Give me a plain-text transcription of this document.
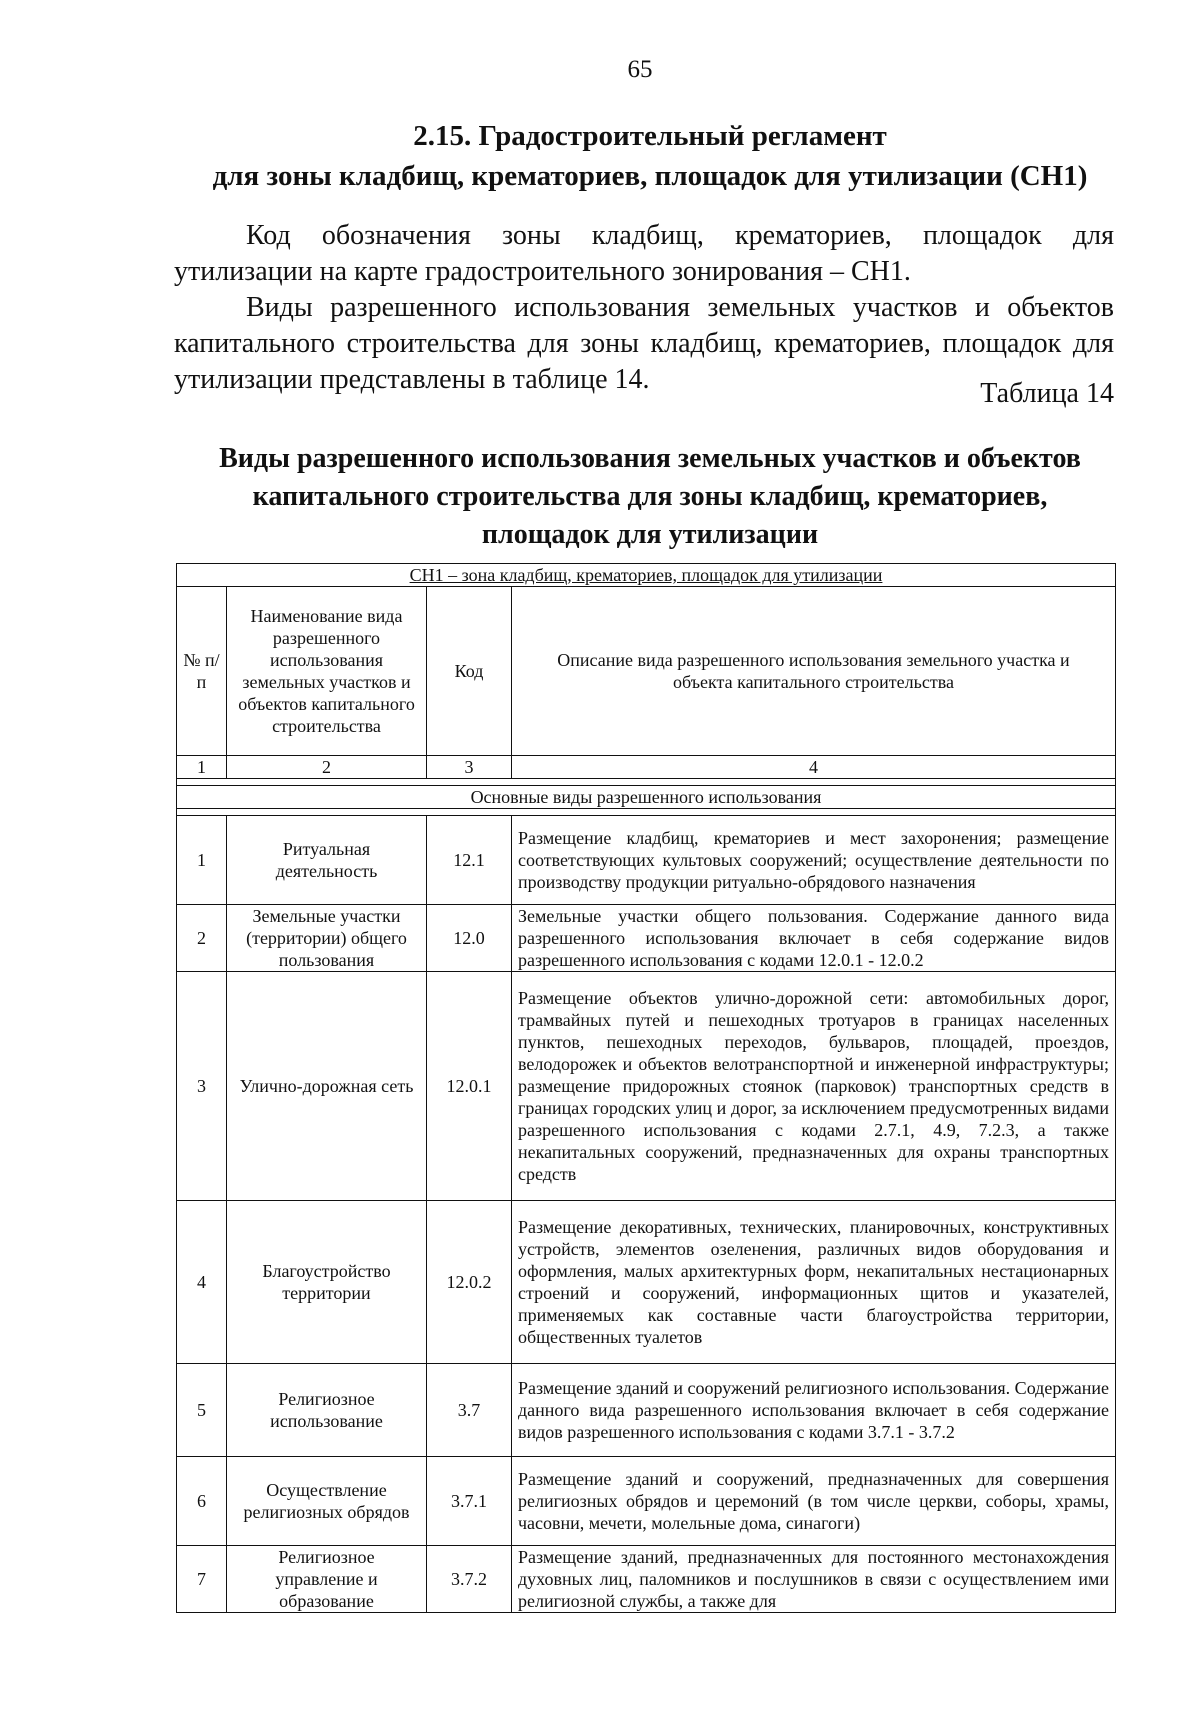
65
2.15. Градостроительный регламент
для зоны кладбищ, крематориев, площадок для утилизации (СН1)
Код обозначения зоны кладбищ, крематориев, площадок для утилизации на карте градостроительного зонирования – СН1.
Виды разрешенного использования земельных участков и объектов капитального строительства для зоны кладбищ, крематориев, площадок для утилизации представлены в таблице 14.	Таблица 14
Виды разрешенного использования земельных участков и объектов
капитального строительства для зоны кладбищ, крематориев,
площадок для утилизации
СН1 – зона кладбищ, крематориев, площадок для утилизации			
№ п/п	Наименование вида разрешенного использования земельных участков и объектов капитального строительства	Код	Описание вида разрешенного использования земельного участка и объекта капитального строительства
1	2	3	4

Основные виды разрешенного использования			

1	Ритуальная деятельность	12.1	Размещение кладбищ, крематориев и мест захоронения; размещение соответствующих культовых сооружений; осуществление деятельности по производству продукции ритуально-обрядового назначения
2	Земельные участки (территории) общего пользования	12.0	Земельные участки общего пользования. Содержание данного вида разрешенного использования включает в себя содержание видов разрешенного использования с кодами 12.0.1 - 12.0.2
3	Улично-дорожная сеть	12.0.1	Размещение объектов улично-дорожной сети: автомобильных дорог, трамвайных путей и пешеходных тротуаров в границах населенных пунктов, пешеходных переходов, бульваров, площадей, проездов, велодорожек и объектов велотранспортной и инженерной инфраструктуры; размещение придорожных стоянок (парковок) транспортных средств в границах городских улиц и дорог, за исключением предусмотренных видами разрешенного использования с кодами 2.7.1, 4.9, 7.2.3, а также некапитальных сооружений, предназначенных для охраны транспортных средств
4	Благоустройство территории	12.0.2	Размещение декоративных, технических, планировочных, конструктивных устройств, элементов озеленения, различных видов оборудования и оформления, малых архитектурных форм, некапитальных нестационарных строений и сооружений, информационных щитов и указателей, применяемых как составные части благоустройства территории, общественных туалетов
5	Религиозное использование	3.7	Размещение зданий и сооружений религиозного использования. Содержание данного вида разрешенного использования включает в себя содержание видов разрешенного использования с кодами 3.7.1 - 3.7.2
6	Осуществление религиозных обрядов	3.7.1	Размещение зданий и сооружений, предназначенных для совершения религиозных обрядов и церемоний (в том числе церкви, соборы, храмы, часовни, мечети, молельные дома, синагоги)
7	Религиозное управление и образование	3.7.2	Размещение зданий, предназначенных для постоянного местонахождения духовных лиц, паломников и послушников в связи с осуществлением ими религиозной службы, а также для
